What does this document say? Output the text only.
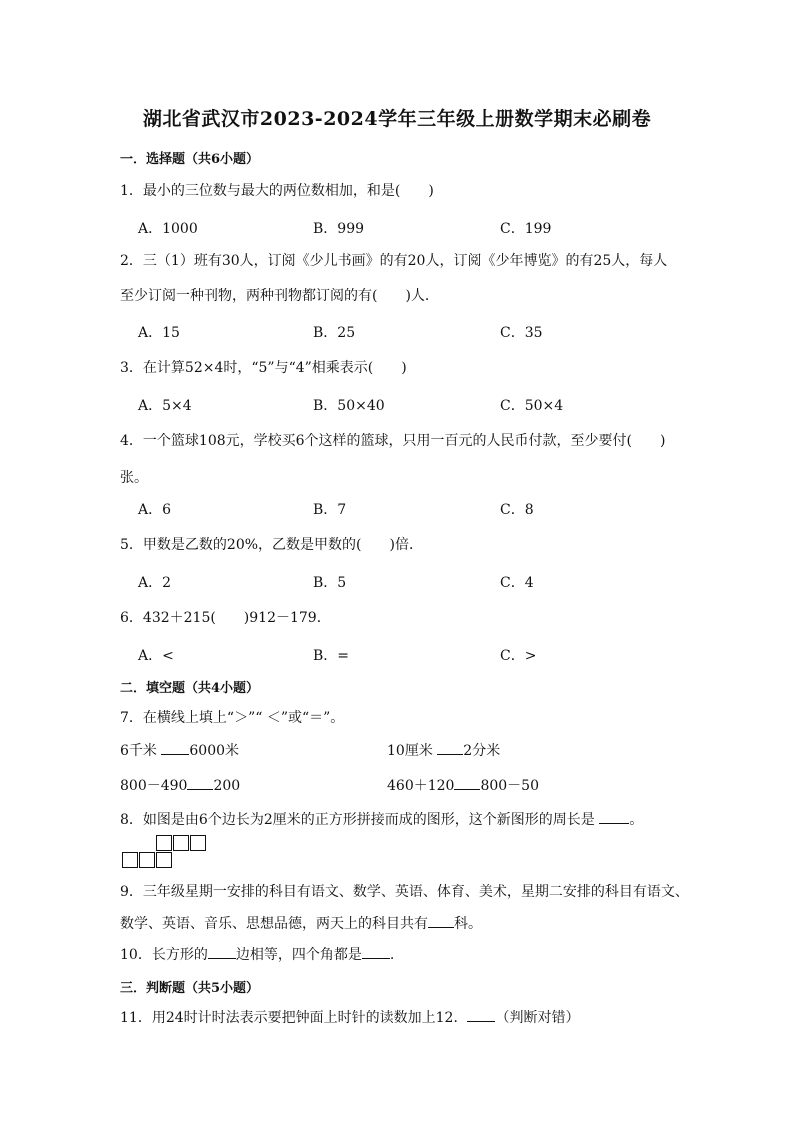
湖北省武汉市2023-2024学年三年级上册数学期末必刷卷
一．选择题（共6小题）
1．最小的三位数与最大的两位数相加，和是(　　)
A．1000	B．999	C．199
2．三（1）班有30人，订阅《少儿书画》的有20人，订阅《少年博览》的有25人，每人
至少订阅一种刊物，两种刊物都订阅的有(　　)人．
A．15	B．25	C．35
3．在计算52×4时，“5”与“4”相乘表示(　　)
A．5×4	B．50×40	C．50×4
4．一个篮球108元，学校买6个这样的篮球，只用一百元的人民币付款，至少要付(　　)
张。
A．6	B．7	C．8
5．甲数是乙数的20%，乙数是甲数的(　　)倍．
A．2	B．5	C．4
6．432＋215(　　)912－179．
A．<	B．=	C．>
二．填空题（共4小题）
7．在横线上填上“＞”“ ＜”或“＝”。
6千米 6000米	10厘米 2分米
800－490 200	460＋120 800－50
8．如图是由6个边长为2厘米的正方形拼接而成的图形，这个新图形的周长是 。
9．三年级星期一安排的科目有语文、数学、英语、体育、美术，星期二安排的科目有语文、
数学、英语、音乐、思想品德，两天上的科目共有 科。
10．长方形的 边相等，四个角都是 .
三．判断题（共5小题）
11．用24时计时法表示要把钟面上时针的读数加上12． （判断对错）
